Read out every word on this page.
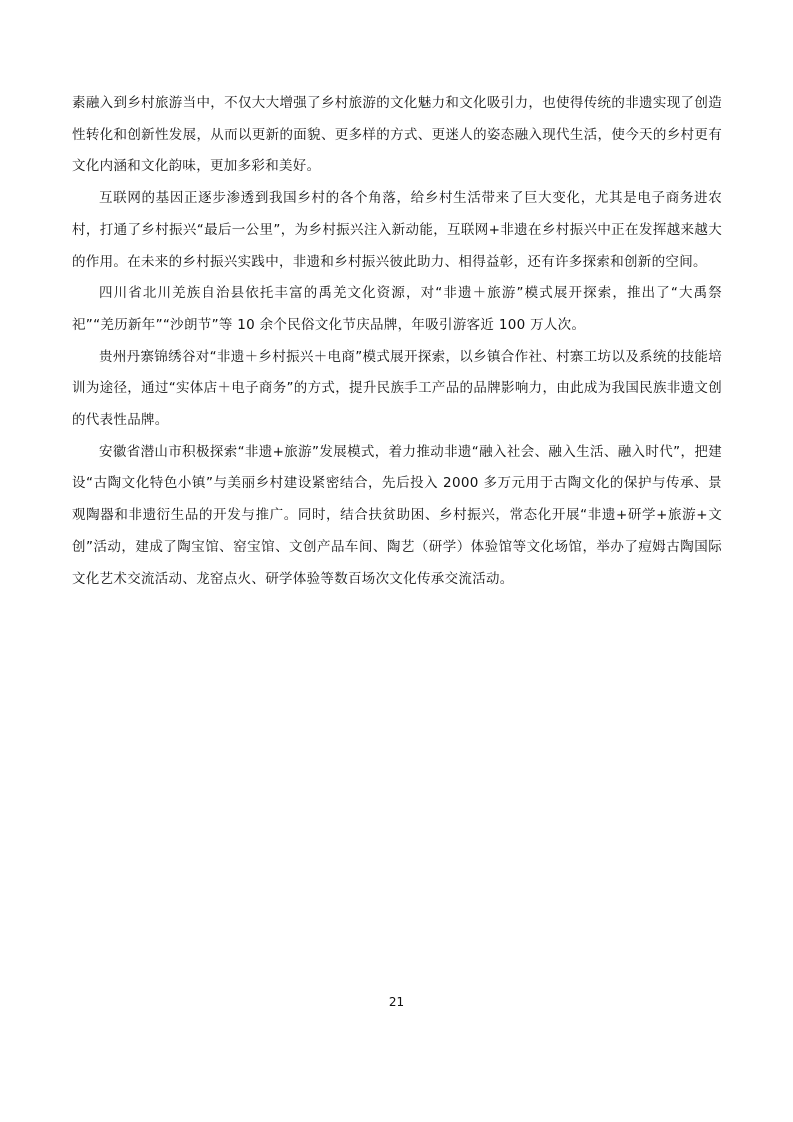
素融入到乡村旅游当中，不仅大大增强了乡村旅游的文化魅力和文化吸引力，也使得传统的非遗实现了创造性转化和创新性发展，从而以更新的面貌、更多样的方式、更迷人的姿态融入现代生活，使今天的乡村更有文化内涵和文化韵味，更加多彩和美好。

互联网的基因正逐步渗透到我国乡村的各个角落，给乡村生活带来了巨大变化，尤其是电子商务进农村，打通了乡村振兴“最后一公里”，为乡村振兴注入新动能，互联网+非遗在乡村振兴中正在发挥越来越大的作用。在未来的乡村振兴实践中，非遗和乡村振兴彼此助力、相得益彰，还有许多探索和创新的空间。

四川省北川羌族自治县依托丰富的禹羌文化资源，对“非遗＋旅游”模式展开探索，推出了“大禹祭祀”“羌历新年”“沙朗节”等 10 余个民俗文化节庆品牌，年吸引游客近 100 万人次。

贵州丹寨锦绣谷对“非遗＋乡村振兴＋电商”模式展开探索，以乡镇合作社、村寨工坊以及系统的技能培训为途径，通过“实体店＋电子商务”的方式，提升民族手工产品的品牌影响力，由此成为我国民族非遗文创的代表性品牌。

安徽省潜山市积极探索“非遗+旅游”发展模式，着力推动非遗“融入社会、融入生活、融入时代”，把建设“古陶文化特色小镇”与美丽乡村建设紧密结合，先后投入 2000 多万元用于古陶文化的保护与传承、景观陶器和非遗衍生品的开发与推广。同时，结合扶贫助困、乡村振兴，常态化开展“非遗+研学+旅游+文创”活动，建成了陶宝馆、窑宝馆、文创产品车间、陶艺（研学）体验馆等文化场馆，举办了痘姆古陶国际文化艺术交流活动、龙窑点火、研学体验等数百场次文化传承交流活动。

21
